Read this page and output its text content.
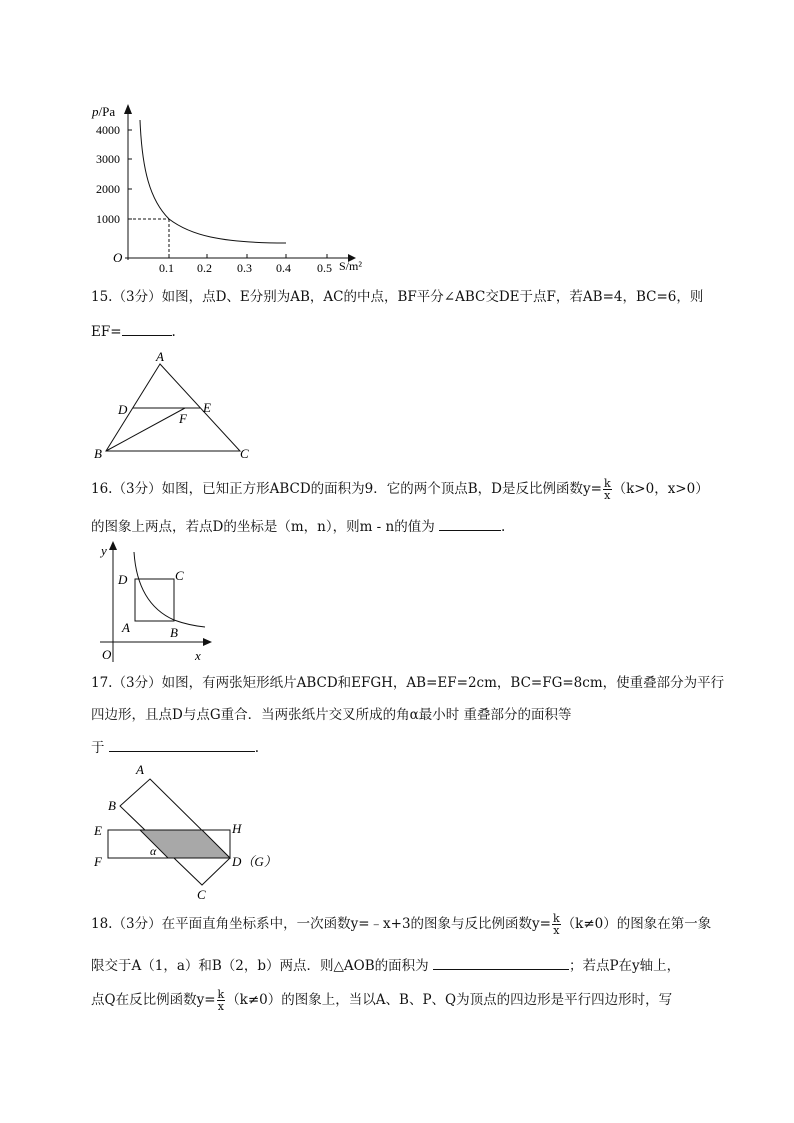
p/Pa
4000
3000
2000
1000
O
0.1 0.2 0.3 0.4 0.5 S/m²
15.（3分）如图，点D、E分别为AB，AC的中点，BF平分∠ABC交DE于点F，若AB=4，BC=6，则
EF=	.
A
B	C
D	E
F
16.（3分）如图，已知正方形ABCD的面积为9．它的两个顶点B，D是反比例函数$y= \frac{k}{x} (k>0$，x>0）
的图象上两点，若点D的坐标是（m，n），则m - n的值为	.
y
x
O
D	C
A	B
17.（3分）如图，有两张矩形纸片ABCD和EFGH，AB=EF=2cm，BC=FG=8cm，使重叠部分为平行
四边形，且点D与点G重合．当两张纸片交叉所成的角α最小时 重叠部分的面积等
于	.
A
B
C
E
F
H
D（G）
α
18.（3分）在平面直角坐标系中，一次函数y=﹣x+3的图象与反比例函数$y= \frac{k}{x} (k\ne 0)$的图象在第一象
限交于A（1，a）和B（2，b）两点．则△AOB的面积为	；若点P在y轴上，
点Q在反比例函数$y= \frac{k}{x} (k\ne 0)$的图象上，当以A、B、P、Q为顶点的四边形是平行四边形时，写
